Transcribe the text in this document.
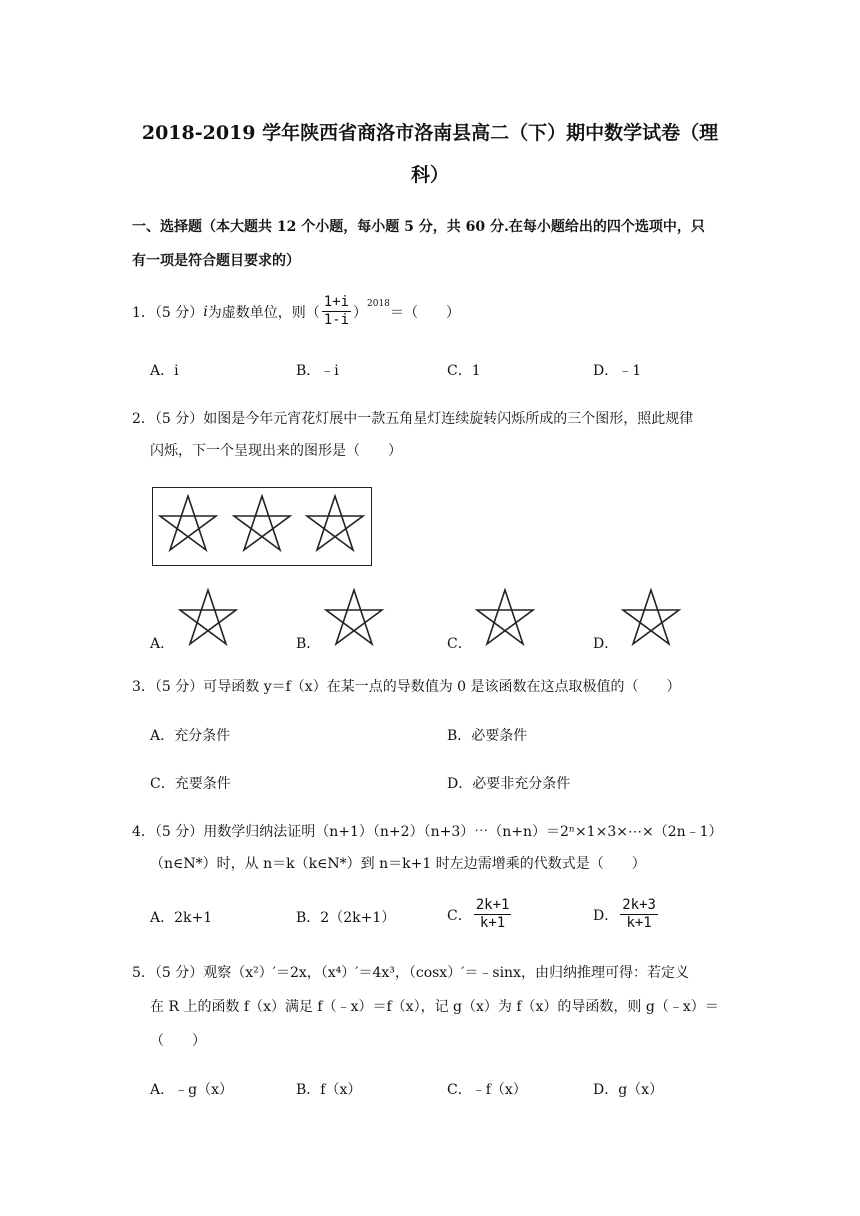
2018-2019 学年陕西省商洛市洛南县高二（下）期中数学试卷（理
科）
一、选择题（本大题共 12 个小题，每小题 5 分，共 60 分.在每小题给出的四个选项中，只
有一项是符合题目要求的）
1．（5 分） i 为虚数单位，则（ $\frac{1+i}{1-i}$ ）
$^{2018}$
＝（　　）
A．i	B．﹣i	C．1	D．﹣1
2．（5 分）如图是今年元宵花灯展中一款五角星灯连续旋转闪烁所成的三个图形，照此规律
闪烁，下一个呈现出来的图形是（　　）
A．	B．	C．	D．
3．（5 分）可导函数 y＝f（x）在某一点的导数值为 0 是该函数在这点取极值的（　　）
A．充分条件	B．必要条件
C．充要条件	D．必要非充分条件
4．（5 分）用数学归纳法证明（n+1）（n+2）（n+3）⋯（n+n）＝2ⁿ×1×3×⋯×（2n﹣1）
（n∈N*）时，从 n＝k（k∈N*）到 n＝k+1 时左边需增乘的代数式是（　　）
A．2k+1	B．2（2k+1）	C． $\frac{2k+1}{k+1}$	D． $\frac{2k+3}{k+1}$
5．（5 分）观察（x²）′＝2x，（x⁴）′＝4x³，（cosx）′＝﹣sinx，由归纳推理可得：若定义
在 R 上的函数 f（x）满足 f（﹣x）＝f（x），记 g（x）为 f（x）的导函数，则 g（﹣x）＝
（　　）
A．﹣g（x）	B．f（x）	C．﹣f（x）	D．g（x）
